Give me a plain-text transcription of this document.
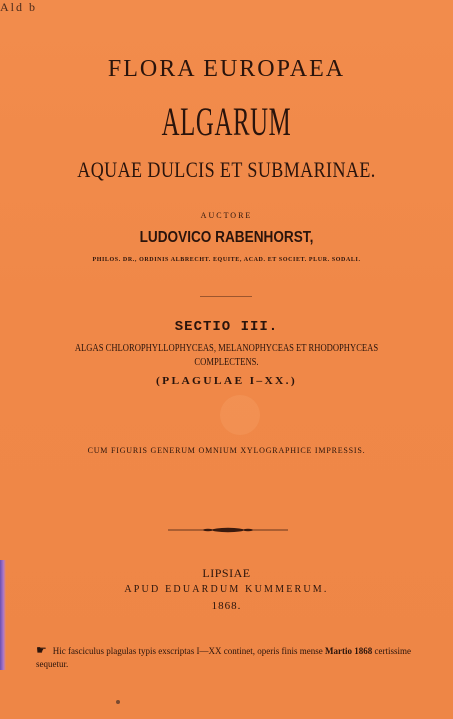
Ald b
FLORA EUROPAEA
ALGARUM
AQUAE DULCIS ET SUBMARINAE.
AUCTORE
LUDOVICO RABENHORST,
PHILOS. DR., ORDINIS ALBRECHT. EQUITE, ACAD. ET SOCIET. PLUR. SODALI.
SECTIO III.
ALGAS CHLOROPHYLLOPHYCEAS, MELANOPHYCEAS ET RHODOPHYCEAS
COMPLECTENS.
(PLAGULAE I–XX.)
CUM FIGURIS GENERUM OMNIUM XYLOGRAPHICE IMPRESSIS.
LIPSIAE
APUD EDUARDUM KUMMERUM.
1868.
☛ Hic fasciculus plagulas typis exscriptas I—XX continet, operis finis mense Martio 1868 certissime sequetur.
